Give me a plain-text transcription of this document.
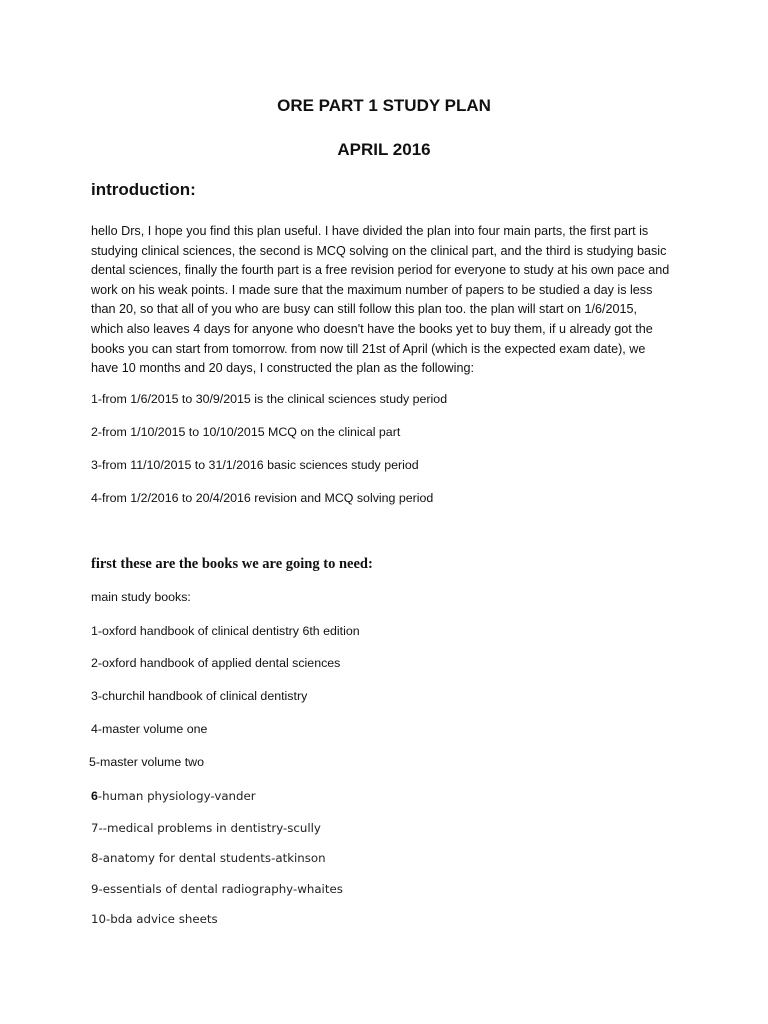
ORE PART 1 STUDY PLAN

APRIL 2016

introduction:

hello Drs, I hope you find this plan useful. I have divided the plan into four main parts, the first part is
studying clinical sciences, the second is MCQ solving on the clinical part, and the third is studying basic
dental sciences, finally the fourth part is a free revision period for everyone to study at his own pace and
work on his weak points. I made sure that the maximum number of papers to be studied a day is less
than 20, so that all of you who are busy can still follow this plan too. the plan will start on 1/6/2015,
which also leaves 4 days for anyone who doesn't have the books yet to buy them, if u already got the
books you can start from tomorrow. from now till 21st of April (which is the expected exam date), we
have 10 months and 20 days, I constructed the plan as the following:

1-from 1/6/2015 to 30/9/2015 is the clinical sciences study period

2-from 1/10/2015 to 10/10/2015 MCQ on the clinical part

3-from 11/10/2015 to 31/1/2016 basic sciences study period

4-from 1/2/2016 to 20/4/2016 revision and MCQ solving period

first these are the books we are going to need:

main study books:

1-oxford handbook of clinical dentistry 6th edition

2-oxford handbook of applied dental sciences

3-churchil handbook of clinical dentistry

4-master volume one

5-master volume two

6-human physiology-vander

7--medical problems in dentistry-scully

8-anatomy for dental students-atkinson

9-essentials of dental radiography-whaites

10-bda advice sheets
